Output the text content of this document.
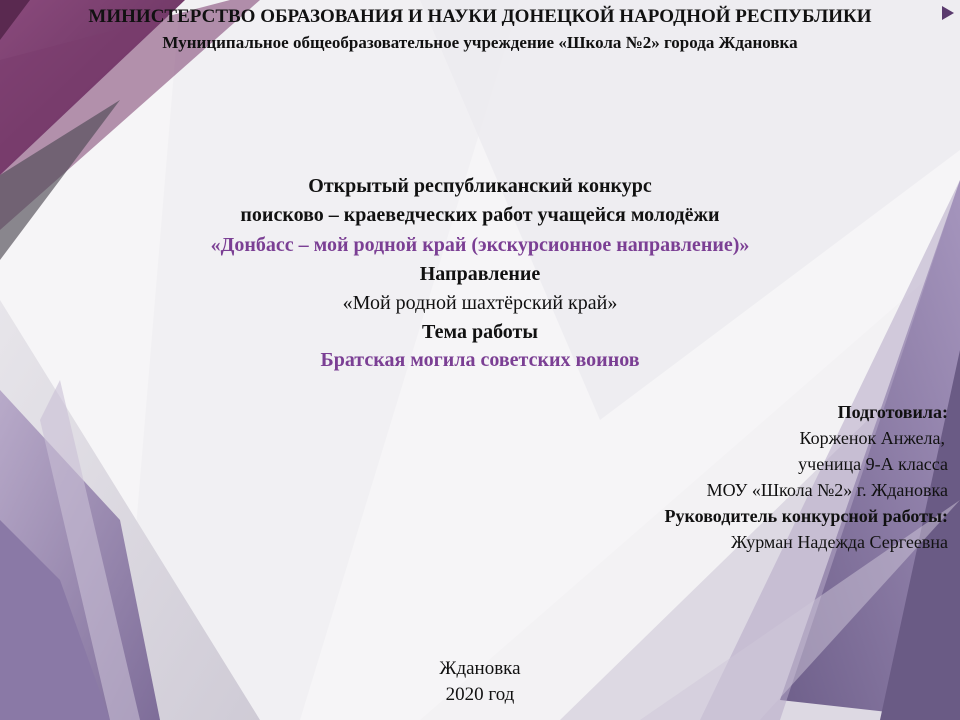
МИНИСТЕРСТВО ОБРАЗОВАНИЯ И НАУКИ ДОНЕЦКОЙ НАРОДНОЙ РЕСПУБЛИКИ
Муниципальное общеобразовательное учреждение «Школа №2» города Ждановка
Открытый республиканский конкурс
поисково – краеведческих работ учащейся молодёжи
«Донбасс – мой родной край (экскурсионное направление)»
Направление
«Мой родной шахтёрский край»
Тема работы
Братская могила советских воинов
Подготовила:
Корженок Анжела,
ученица 9-А класса
МОУ «Школа №2» г. Ждановка
Руководитель конкурсной работы:
Журман Надежда Сергеевна
Ждановка
2020 год
